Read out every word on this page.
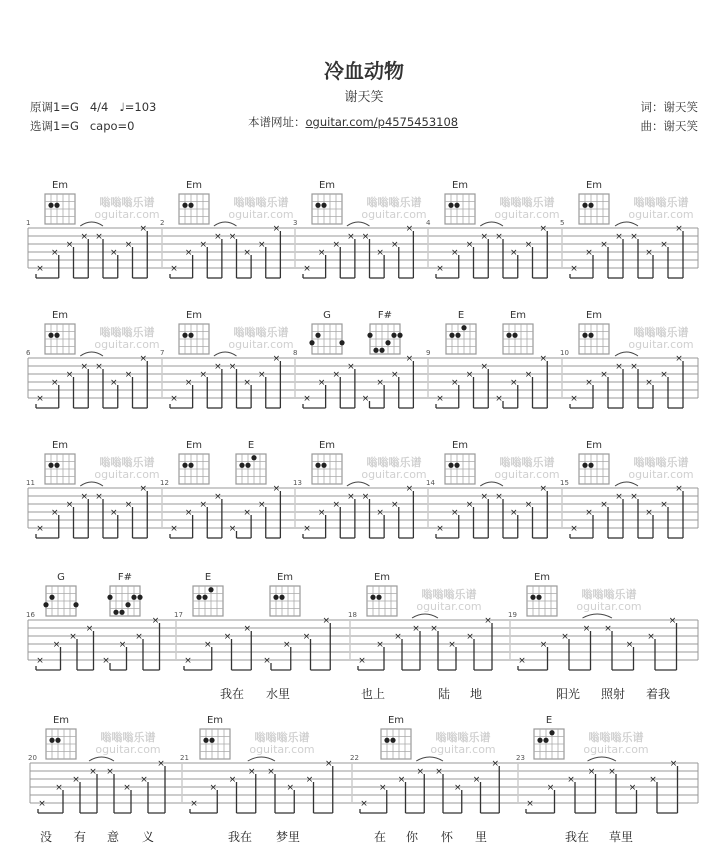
冷血动物
谢天笑
原调1=G 4/4 ♩=103
选调1=G capo=0	本谱网址：oguitar.com/p4575453108
词：谢天笑
曲：谢天笑
1
Em
嗡嗡嗡乐谱
oguitar.com
×
×
×
× ×
×
×
×
2
Em
嗡嗡嗡乐谱
oguitar.com
×
×
×
× ×
×
×
×
3
Em
嗡嗡嗡乐谱
oguitar.com
×
×
×
× ×
×
×
×
4
Em
嗡嗡嗡乐谱
oguitar.com
×
×
×
× ×
×
×
×
5
Em
嗡嗡嗡乐谱
oguitar.com
×
×
×
× ×
×
×
×
6
Em
嗡嗡嗡乐谱
oguitar.com
×
×
×
× ×
×
×
×
7
Em
嗡嗡嗡乐谱
oguitar.com
×
×
×
× ×
×
×
×
8
G	F#
×
×
×
×
×
×
×
×
9
E	Em
×
×
×
×
×
×
×
×
10
Em
嗡嗡嗡乐谱
oguitar.com
×
×
×
× ×
×
×
×
11
Em
嗡嗡嗡乐谱
oguitar.com
×
×
×
× ×
×
×
×
12
Em	E
×
×
×
×
×
×
×
×
13
Em
嗡嗡嗡乐谱
oguitar.com
×
×
×
× ×
×
×
×
14
Em
嗡嗡嗡乐谱
oguitar.com
×
×
×
× ×
×
×
×
15
Em
嗡嗡嗡乐谱
oguitar.com
×
×
×
× ×
×
×
×
16
G	F#
×
×
×
×
×
×
×
×
17
E	Em
×
×
×
×
×
×
×
×
我在 水里
18
Em
嗡嗡嗡乐谱
oguitar.com
×
×
×
× ×
×
×
×
也上	陆 地
19
Em
嗡嗡嗡乐谱
oguitar.com
×
×
×
× ×
×
×
×
阳光 照射 着我
20
Em
嗡嗡嗡乐谱
oguitar.com
×
×
×
× ×
×
×
×
没 有 意 义
21
Em
嗡嗡嗡乐谱
oguitar.com
×
×
×
× ×
×
×
×
我在 梦里
22
Em
嗡嗡嗡乐谱
oguitar.com
×
×
×
× ×
×
×
×
在 你 怀 里
23
E
嗡嗡嗡乐谱
oguitar.com
×
×
×
× ×
×
×
×
我在 草里
